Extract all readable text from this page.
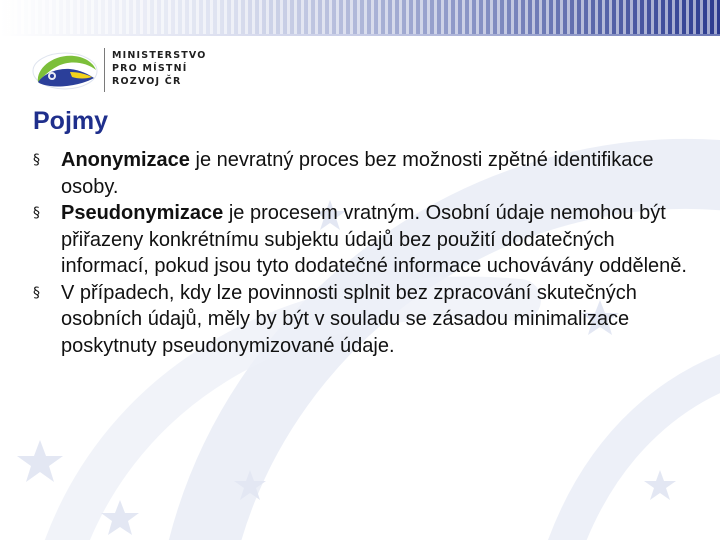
MINISTERSTVO
PRO MÍSTNÍ
ROZVOJ ČR
Pojmy
§	Anonymizace je nevratný proces bez možnosti zpětné identifikace osoby.
§	Pseudonymizace je procesem vratným. Osobní údaje nemohou být přiřazeny konkrétnímu subjektu údajů bez použití dodatečných informací, pokud jsou tyto dodatečné informace uchovávány odděleně.
§	V případech, kdy lze povinnosti splnit bez zpracování skutečných osobních údajů, měly by být v souladu se zásadou minimalizace poskytnuty pseudonymizované údaje.
